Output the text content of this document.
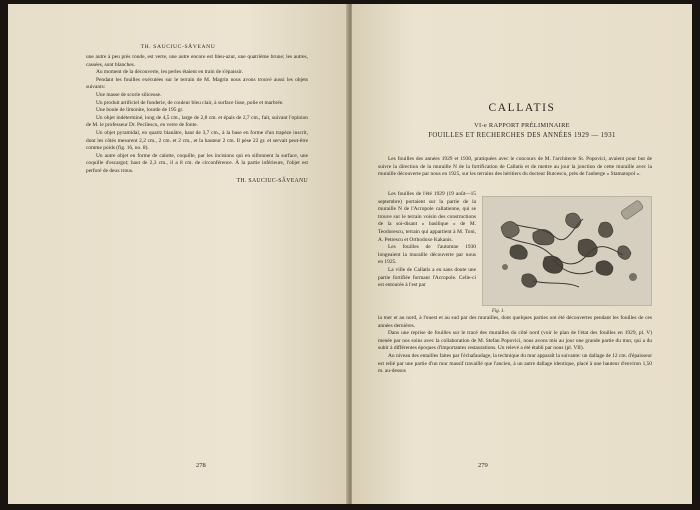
TH. SAUCIUC-SĂVEANU

une autre à peu près ronde, est verte, une autre encore est bleu-azur, une quatrième brune; les autres, cassées, sont blanches.

Au moment de la découverte, les perles étaient en train de s'épaissir.

Pendant les fouilles exécutées sur le terrain de M. Magrin nous avons trouvé aussi les objets suivants:

Une masse de scorie siliceuse.

Un produit artificiel de fonderie, de couleur bleu clair, à surface lisse, polie et marbrée.

Une boule de limonite, lourde de 195 gr.

Un objet indéterminé, long de 4,5 cm., large de 2,8 cm. et épais de 2,7 cm., fait, suivant l'opinion de M. le professeur Dr. Pecilescu, en verre de fonte.

Un objet pyramidal, en quartz blanâtre, haut de 3,7 cm., à la base en forme d'un trapèze inscrit, dont les côtés mesurent 2,2 cm., 2 cm. et 2 cm., et la hauteur 2 cm. Il pèse 22 gr. et servait peut-être comme poids (fig. 16, no. 8).

Un autre objet en forme de calotte, coquille, par les incisions qui en sillonnent la surface, une coquille d'escargot; haut de 2,3 cm., il a 8 cm. de circonférence. À la partie inférieure, l'objet est perforé de deux trous.

TH. SAUCIUC-SĂVEANU

278
CALLATIS
VI-e RAPPORT PRÉLIMINAIRE
FOUILLES ET RECHERCHES DES ANNÉES 1929 — 1931

Les fouilles des années 1929 et 1930, pratiquées avec le concours de M. l'architecte St. Popovici, avaient pour but de suivre la direction de la muraille N de la fortification de Callatis et de mettre au jour la jonction de cette muraille avec la muraille découverte par nous en 1925, sur les terrains des héritiers du docteur Butcescu, près de l'auberge « Stamatopol ».

Les fouilles de l'été 1929 (19 août—15 septembre) portaient sur la partie de la muraille N de l'Acropole callatienne, qui se trouve sur le terrain voisin des constructions de la soi-disant « basilique » de M. Teodorescu, terrain qui appartient à M. Toni, A. Petrescu et Orthodoxe Kakanis.

Les fouilles de l'automne 1930 longeaient la muraille découverte par nous en 1925.

La ville de Callatis a eu sans doute une partie fortifiée formant l'Acropole. Celle-ci est entourée à l'est par

Fig. 1.

la mer et au nord, à l'ouest et au sud par des murailles, dont quelques parties ont été découvertes pendant les fouilles de ces années dernières.

Dans une reprise de fouilles sur le tracé des murailles du côté nord (voir le plan de l'état des fouilles en 1929, pl. V) menée par nos soins avec la collaboration de M. Stefan Popovici, nous avons mis au jour une grande partie du mur, qui a du subir à différentes époques d'importantes restaurations. Un relevé a été établi par nous (pl. VII).

Au niveau des entailles faites par l'échafaudage, la technique du mur apparaît la suivante: un dallage de 12 cm. d'épaisseur est relié par une partie d'un mur massif travaillé que l'ancien, à un autre dallage identique, placé à une hauteur d'environ 1,50 m. au-dessus

279
